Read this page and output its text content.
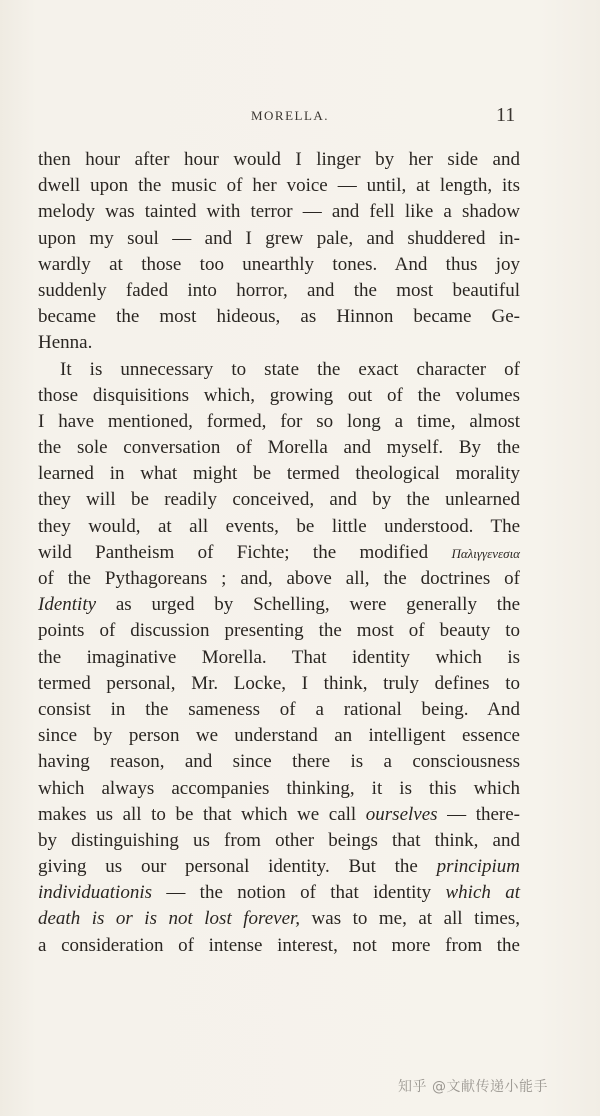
MORELLA.	11
then hour after hour would I linger by her side and
dwell upon the music of her voice — until, at length, its
melody was tainted with terror — and fell like a shadow
upon my soul — and I grew pale, and shuddered in-
wardly at those too unearthly tones. And thus joy
suddenly faded into horror, and the most beautiful
became the most hideous, as Hinnon became Ge-
Henna.
It is unnecessary to state the exact character of
those disquisitions which, growing out of the volumes
I have mentioned, formed, for so long a time, almost
the sole conversation of Morella and myself. By the
learned in what might be termed theological morality
they will be readily conceived, and by the unlearned
they would, at all events, be little understood. The
wild Pantheism of Fichte; the modified Παλιγγενεσια
of the Pythagoreans ; and, above all, the doctrines of
Identity as urged by Schelling, were generally the
points of discussion presenting the most of beauty to
the imaginative Morella. That identity which is
termed personal, Mr. Locke, I think, truly defines to
consist in the sameness of a rational being. And
since by person we understand an intelligent essence
having reason, and since there is a consciousness
which always accompanies thinking, it is this which
makes us all to be that which we call ourselves — there-
by distinguishing us from other beings that think, and
giving us our personal identity. But the principium
individuationis — the notion of that identity which at
death is or is not lost forever, was to me, at all times,
a consideration of intense interest, not more from the
知乎 @文献传递小能手
